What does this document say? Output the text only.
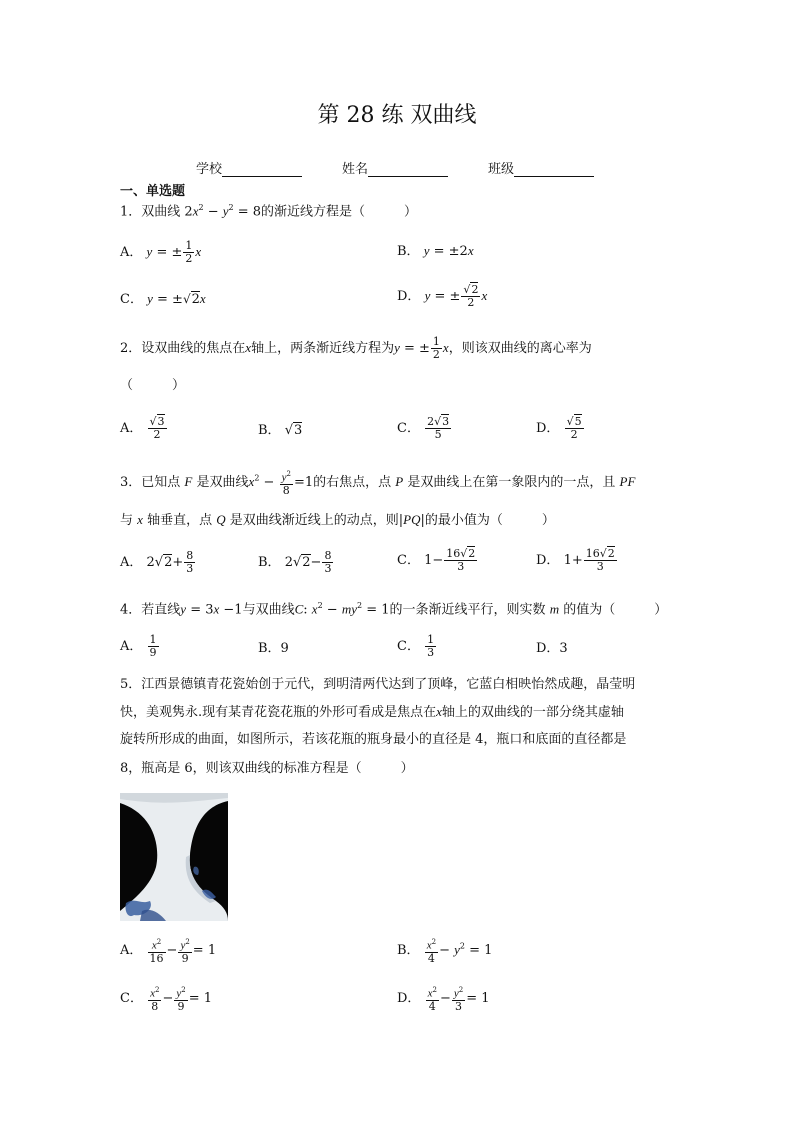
第 28 练 双曲线
学校	姓名	班级
一、单选题
1．双曲线 $2x^2 - y^2 = 8$的渐近线方程是（　　　）
A． y = ± $\frac{1}{2}$ x	B． y = ±2x
C． y = ±√2x	D． y = ± $\frac{√2}{2}$ x
2．设双曲线的焦点在x轴上，两条渐近线方程为y = ± $\frac{1}{2}$ x，则该双曲线的离心率为
（　　　）
A． $\frac{√3}{2}$	B． √3	C． $\frac{2√3}{5}$	D． $\frac{√5}{2}$
3．已知点 F 是双曲线$x^2 - \frac{y^2}{8} =1$的右焦点，点 P 是双曲线上在第一象限内的一点，且 PF
与 x 轴垂直，点 Q 是双曲线渐近线上的动点，则|PQ|的最小值为（　　　）
A． $2√2+ \frac{8}{3}$	B． $2√2- \frac{8}{3}$	C． $1- \frac{16√2}{3}$	D． $1+ \frac{16√2}{3}$
4．若直线y = 3x −1与双曲线C: $x^2 - my^2 = 1$的一条渐近线平行，则实数 m 的值为（　　　）
A． $\frac{1}{9}$	B．9	C． $\frac{1}{3}$	D．3
5．江西景德镇青花瓷始创于元代，到明清两代达到了顶峰，它蓝白相映怡然成趣，晶莹明
快，美观隽永.现有某青花瓷花瓶的外形可看成是焦点在x轴上的双曲线的一部分绕其虚轴
旋转所形成的曲面，如图所示，若该花瓶的瓶身最小的直径是 4，瓶口和底面的直径都是
8，瓶高是 6，则该双曲线的标准方程是（　　　）
A． $\frac{x^2}{16} - \frac{y^2}{9} = 1$	B． $\frac{x^2}{4} - y^2 = 1$
C． $\frac{x^2}{8} - \frac{y^2}{9} = 1$	D． $\frac{x^2}{4} - \frac{y^2}{3} = 1$
